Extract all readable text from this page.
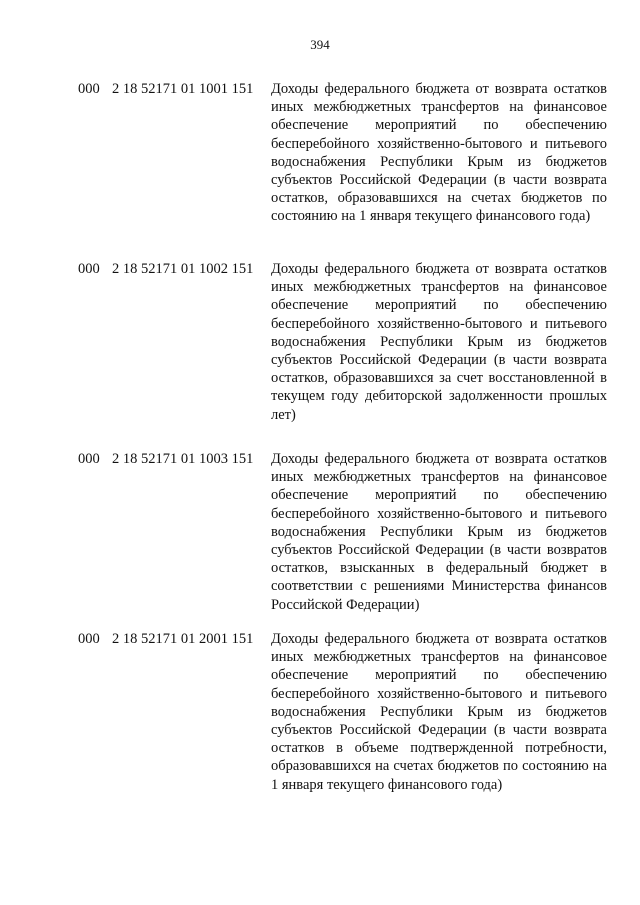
394
000 2 18 52171 01 1001 151 Доходы федерального бюджета от возврата остатков иных межбюджетных трансфертов на финансовое обеспечение мероприятий по обеспечению бесперебойного хозяйственно-бытового и питьевого водоснабжения Республики Крым из бюджетов субъектов Российской Федерации (в части возврата остатков, образовавшихся на счетах бюджетов по состоянию на 1 января текущего финансового года)
000 2 18 52171 01 1002 151 Доходы федерального бюджета от возврата остатков иных межбюджетных трансфертов на финансовое обеспечение мероприятий по обеспечению бесперебойного хозяйственно-бытового и питьевого водоснабжения Республики Крым из бюджетов субъектов Российской Федерации (в части возврата остатков, образовавшихся за счет восстановленной в текущем году дебиторской задолженности прошлых лет)
000 2 18 52171 01 1003 151 Доходы федерального бюджета от возврата остатков иных межбюджетных трансфертов на финансовое обеспечение мероприятий по обеспечению бесперебойного хозяйственно-бытового и питьевого водоснабжения Республики Крым из бюджетов субъектов Российской Федерации (в части возвратов остатков, взысканных в федеральный бюджет в соответствии с решениями Министерства финансов Российской Федерации)
000 2 18 52171 01 2001 151 Доходы федерального бюджета от возврата остатков иных межбюджетных трансфертов на финансовое обеспечение мероприятий по обеспечению бесперебойного хозяйственно-бытового и питьевого водоснабжения Республики Крым из бюджетов субъектов Российской Федерации (в части возврата остатков в объеме подтвержденной потребности, образовавшихся на счетах бюджетов по состоянию на 1 января текущего финансового года)
